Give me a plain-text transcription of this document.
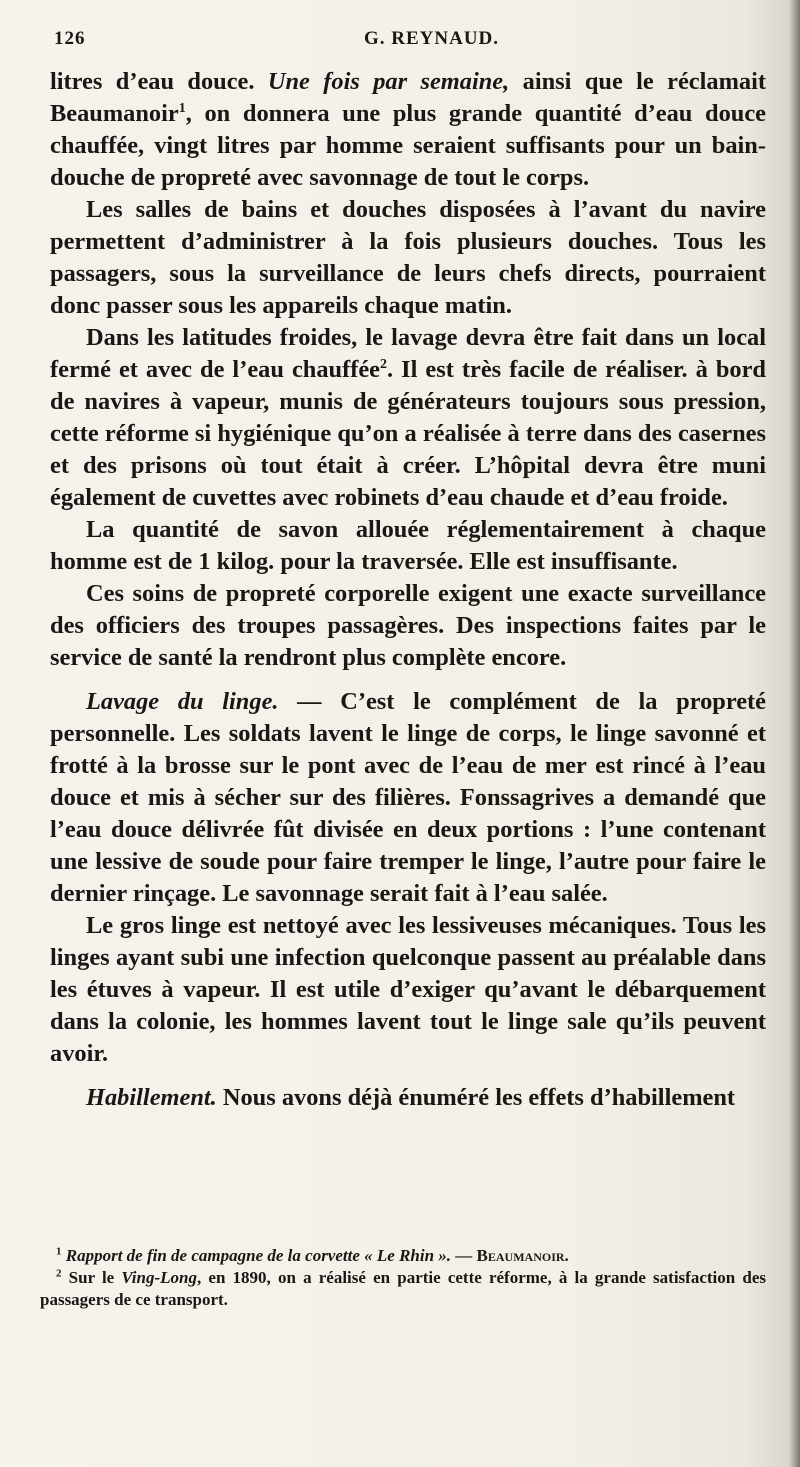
126	G. REYNAUD.

litres d’eau douce. Une fois par semaine, ainsi que le réclamait Beaumanoir$^1$, on donnera une plus grande quantité d’eau douce chauffée, vingt litres par homme seraient suffisants pour un bain-douche de propreté avec savonnage de tout le corps.

Les salles de bains et douches disposées à l’avant du navire permettent d’administrer à la fois plusieurs douches. Tous les passagers, sous la surveillance de leurs chefs directs, pourraient donc passer sous les appareils chaque matin.

Dans les latitudes froides, le lavage devra être fait dans un local fermé et avec de l’eau chauffée$^2$. Il est très facile de réaliser. à bord de navires à vapeur, munis de générateurs toujours sous pression, cette réforme si hygiénique qu’on a réalisée à terre dans des casernes et des prisons où tout était à créer. L’hôpital devra être muni également de cuvettes avec robinets d’eau chaude et d’eau froide.

La quantité de savon allouée réglementairement à chaque homme est de 1 kilog. pour la traversée. Elle est insuffisante.

Ces soins de propreté corporelle exigent une exacte surveillance des officiers des troupes passagères. Des inspections faites par le service de santé la rendront plus complète encore.

Lavage du linge. — C’est le complément de la propreté personnelle. Les soldats lavent le linge de corps, le linge savonné et frotté à la brosse sur le pont avec de l’eau de mer est rincé à l’eau douce et mis à sécher sur des filières. Fonssagrives a demandé que l’eau douce délivrée fût divisée en deux portions : l’une contenant une lessive de soude pour faire tremper le linge, l’autre pour faire le dernier rinçage. Le savonnage serait fait à l’eau salée.

Le gros linge est nettoyé avec les lessiveuses mécaniques. Tous les linges ayant subi une infection quelconque passent au préalable dans les étuves à vapeur. Il est utile d’exiger qu’avant le débarquement dans la colonie, les hommes lavent tout le linge sale qu’ils peuvent avoir.

Habillement. Nous avons déjà énuméré les effets d’habillement

$^1$ Rapport de fin de campagne de la corvette « Le Rhin ». — Beaumanoir.

$^2$ Sur le Ving-Long, en 1890, on a réalisé en partie cette réforme, à la grande satisfaction des passagers de ce transport.
